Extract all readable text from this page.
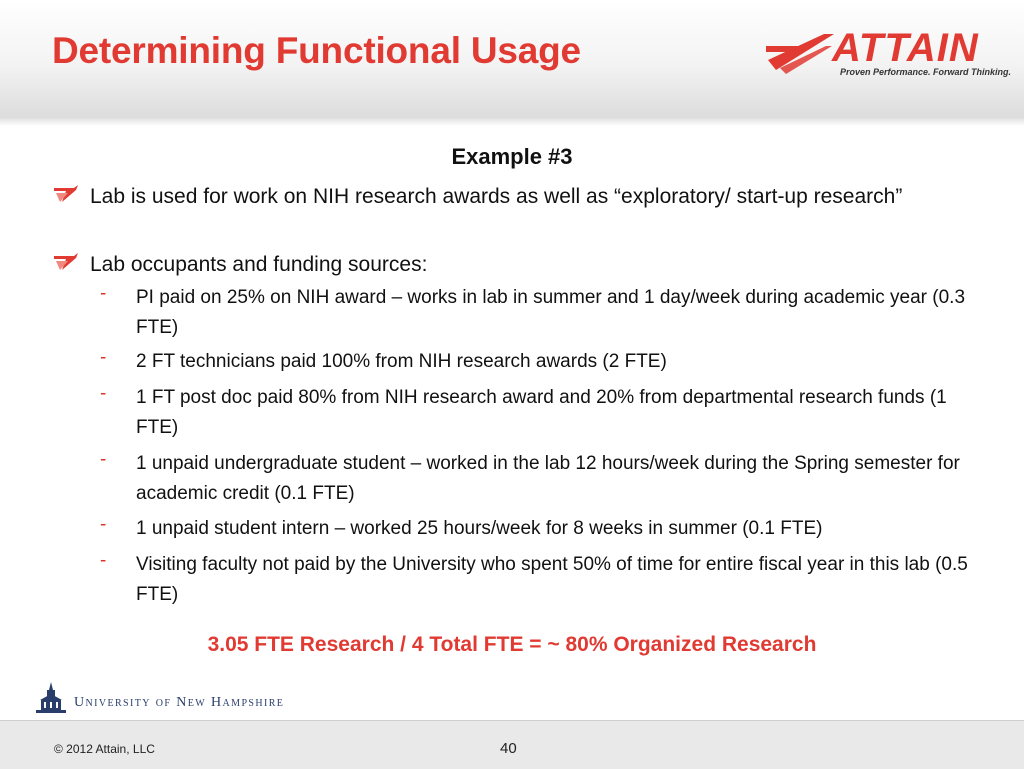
Determining Functional Usage	ATTAIN
Proven Performance. Forward Thinking.
Example #3
Lab is used for work on NIH research awards as well as “exploratory/ start-up research”
Lab occupants and funding sources:
- PI paid on 25% on NIH award – works in lab in summer and 1 day/week during academic year (0.3 FTE)
- 2 FT technicians paid 100% from NIH research awards (2 FTE)
- 1 FT post doc paid 80% from NIH research award and 20% from departmental research funds (1 FTE)
- 1 unpaid undergraduate student – worked in the lab 12 hours/week during the Spring semester for academic credit (0.1 FTE)
- 1 unpaid student intern – worked 25 hours/week for 8 weeks in summer (0.1 FTE)
- Visiting faculty not paid by the University who spent 50% of time for entire fiscal year in this lab (0.5 FTE)
3.05 FTE Research / 4 Total FTE = ~ 80% Organized Research
University of New Hampshire
© 2012 Attain, LLC	40
